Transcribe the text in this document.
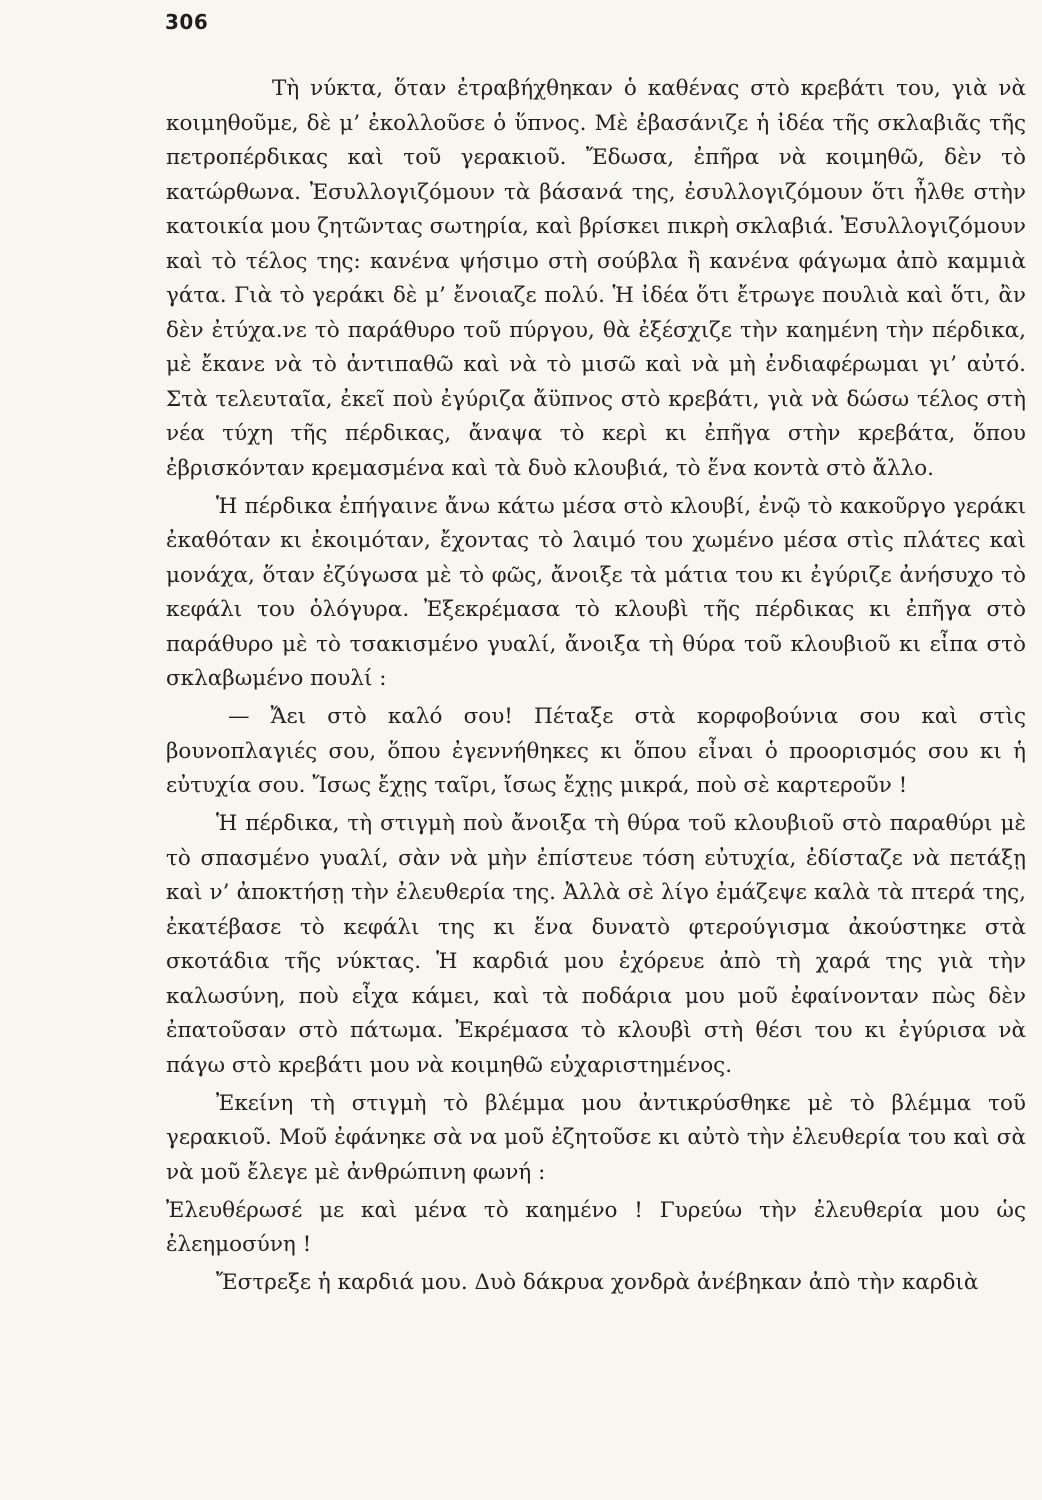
306

Τὴ νύκτα, ὅταν ἐτραβήχθηκαν ὁ καθένας στὸ κρεβάτι του, γιὰ νὰ κοιμηθοῦμε, δὲ μ’ ἐκολλοῦσε ὁ ὕπνος. Μὲ ἐβασάνιζε ἡ ἰδέα τῆς σκλαβιᾶς τῆς πετροπέρδικας καὶ τοῦ γερακιοῦ. Ἔδωσα, ἐπῆρα νὰ κοιμηθῶ, δὲν τὸ κατώρθωνα. Ἐσυλλογιζόμουν τὰ βάσανά της, ἐσυλλογιζόμουν ὅτι ἦλθε στὴν κατοικία μου ζητῶντας σωτηρία, καὶ βρίσκει πικρὴ σκλαβιά. Ἐσυλλογιζόμουν καὶ τὸ τέλος της: κανένα ψήσιμο στὴ σούβλα ἢ κανένα φάγωμα ἀπὸ καμμιὰ γάτα. Γιὰ τὸ γεράκι δὲ μ’ ἔνοιαζε πολύ. Ἡ ἰδέα ὅτι ἔτρωγε πουλιὰ καὶ ὅτι, ἂν δὲν ἐτύχα.νε τὸ παράθυρο τοῦ πύργου, θὰ ἐξέσχιζε τὴν καημένη τὴν πέρδικα, μὲ ἔκανε νὰ τὸ ἀντιπαθῶ καὶ νὰ τὸ μισῶ καὶ νὰ μὴ ἐνδιαφέρωμαι γι’ αὐτό. Στὰ τελευταῖα, ἐκεῖ ποὺ ἐγύριζα ἄϋπνος στὸ κρεβάτι, γιὰ νὰ δώσω τέλος στὴ νέα τύχη τῆς πέρδικας, ἄναψα τὸ κερὶ κι ἐπῆγα στὴν κρεβάτα, ὅπου ἐβρισκόνταν κρεμασμένα καὶ τὰ δυὸ κλουβιά, τὸ ἕνα κοντὰ στὸ ἄλλο.

Ἡ πέρδικα ἐπήγαινε ἄνω κάτω μέσα στὸ κλουβί, ἐνῷ τὸ κακοῦργο γεράκι ἐκαθόταν κι ἐκοιμόταν, ἔχοντας τὸ λαιμό του χωμένο μέσα στὶς πλάτες καὶ μονάχα, ὅταν ἐζύγωσα μὲ τὸ φῶς, ἄνοιξε τὰ μάτια του κι ἐγύριζε ἀνήσυχο τὸ κεφάλι του ὁλόγυρα. Ἐξεκρέμασα τὸ κλουβὶ τῆς πέρδικας κι ἐπῆγα στὸ παράθυρο μὲ τὸ τσακισμένο γυαλί, ἄνοιξα τὴ θύρα τοῦ κλουβιοῦ κι εἶπα στὸ σκλαβωμένο πουλί :

— Ἄει στὸ καλό σου! Πέταξε στὰ κορφοβούνια σου καὶ στὶς βουνοπλαγιές σου, ὅπου ἐγεννήθηκες κι ὅπου εἶναι ὁ προορισμός σου κι ἡ εὐτυχία σου. Ἴσως ἔχῃς ταῖρι, ἴσως ἔχῃς μικρά, ποὺ σὲ καρτεροῦν !

Ἡ πέρδικα, τὴ στιγμὴ ποὺ ἄνοιξα τὴ θύρα τοῦ κλουβιοῦ στὸ παραθύρι μὲ τὸ σπασμένο γυαλί, σὰν νὰ μὴν ἐπίστευε τόση εὐτυχία, ἐδίσταζε νὰ πετάξῃ καὶ ν’ ἀποκτήσῃ τὴν ἐλευθερία της. Ἀλλὰ σὲ λίγο ἐμάζεψε καλὰ τὰ πτερά της, ἐκατέβασε τὸ κεφάλι της κι ἕνα δυνατὸ φτερούγισμα ἀκούστηκε στὰ σκοτάδια τῆς νύκτας. Ἡ καρδιά μου ἐχόρευε ἀπὸ τὴ χαρά της γιὰ τὴν καλωσύνη, ποὺ εἶχα κάμει, καὶ τὰ ποδάρια μου μοῦ ἐφαίνονταν πὼς δὲν ἐπατοῦσαν στὸ πάτωμα. Ἐκρέμασα τὸ κλουβὶ στὴ θέσι του κι ἐγύρισα νὰ πάγω στὸ κρεβάτι μου νὰ κοιμηθῶ εὐχαριστημένος.

Ἐκείνη τὴ στιγμὴ τὸ βλέμμα μου ἀντικρύσθηκε μὲ τὸ βλέμμα τοῦ γερακιοῦ. Μοῦ ἐφάνηκε σὰ να μοῦ ἐζητοῦσε κι αὐτὸ τὴν ἐλευθερία του καὶ σὰ νὰ μοῦ ἔλεγε μὲ ἀνθρώπινη φωνή :

Ἐλευθέρωσέ με καὶ μένα τὸ καημένο ! Γυρεύω τὴν ἐλευθερία μου ὡς ἐλεημοσύνη !

Ἔστρεξε ἡ καρδιά μου. Δυὸ δάκρυα χονδρὰ ἀνέβηκαν ἀπὸ τὴν καρδιὰ
